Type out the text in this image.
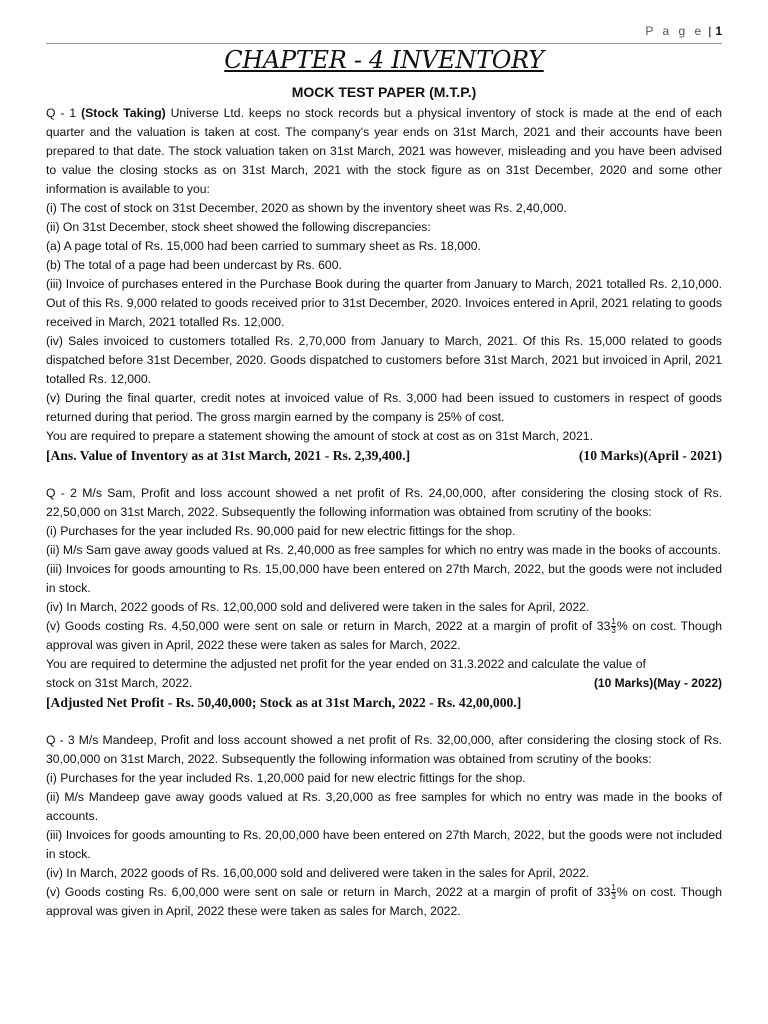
P a g e | 1
CHAPTER - 4 INVENTORY
MOCK TEST PAPER (M.T.P.)

Q - 1 (Stock Taking) Universe Ltd. keeps no stock records but a physical inventory of stock is made at the end of each quarter and the valuation is taken at cost. The company's year ends on 31st March, 2021 and their accounts have been prepared to that date. The stock valuation taken on 31st March, 2021 was however, misleading and you have been advised to value the closing stocks as on 31st March, 2021 with the stock figure as on 31st December, 2020 and some other information is available to you:

(i) The cost of stock on 31st December, 2020 as shown by the inventory sheet was Rs. 2,40,000.

(ii) On 31st December, stock sheet showed the following discrepancies:

(a) A page total of Rs. 15,000 had been carried to summary sheet as Rs. 18,000.

(b) The total of a page had been undercast by Rs. 600.

(iii) Invoice of purchases entered in the Purchase Book during the quarter from January to March, 2021 totalled Rs. 2,10,000. Out of this Rs. 9,000 related to goods received prior to 31st December, 2020. Invoices entered in April, 2021 relating to goods received in March, 2021 totalled Rs. 12,000.

(iv) Sales invoiced to customers totalled Rs. 2,70,000 from January to March, 2021. Of this Rs. 15,000 related to goods dispatched before 31st December, 2020. Goods dispatched to customers before 31st March, 2021 but invoiced in April, 2021 totalled Rs. 12,000.

(v) During the final quarter, credit notes at invoiced value of Rs. 3,000 had been issued to customers in respect of goods returned during that period. The gross margin earned by the company is 25% of cost.

You are required to prepare a statement showing the amount of stock at cost as on 31st March, 2021.

[Ans. Value of Inventory as at 31st March, 2021 - Rs. 2,39,400.]	(10 Marks)(April - 2021)

Q - 2 M/s Sam, Profit and loss account showed a net profit of Rs. 24,00,000, after considering the closing stock of Rs. 22,50,000 on 31st March, 2022. Subsequently the following information was obtained from scrutiny of the books:

(i) Purchases for the year included Rs. 90,000 paid for new electric fittings for the shop.

(ii) M/s Sam gave away goods valued at Rs. 2,40,000 as free samples for which no entry was made in the books of accounts.

(iii) Invoices for goods amounting to Rs. 15,00,000 have been entered on 27th March, 2022, but the goods were not included in stock.

(iv) In March, 2022 goods of Rs. 12,00,000 sold and delivered were taken in the sales for April, 2022.

(v) Goods costing Rs. 4,50,000 were sent on sale or return in March, 2022 at a margin of profit of $33 \frac{1}{3}$ % on cost. Though approval was given in April, 2022 these were taken as sales for March, 2022.

You are required to determine the adjusted net profit for the year ended on 31.3.2022 and calculate the value of

stock on 31st March, 2022.	(10 Marks)(May - 2022)
[Adjusted Net Profit - Rs. 50,40,000; Stock as at 31st March, 2022 - Rs. 42,00,000.]

Q - 3 M/s Mandeep, Profit and loss account showed a net profit of Rs. 32,00,000, after considering the closing stock of Rs. 30,00,000 on 31st March, 2022. Subsequently the following information was obtained from scrutiny of the books:

(i) Purchases for the year included Rs. 1,20,000 paid for new electric fittings for the shop.

(ii) M/s Mandeep gave away goods valued at Rs. 3,20,000 as free samples for which no entry was made in the books of accounts.

(iii) Invoices for goods amounting to Rs. 20,00,000 have been entered on 27th March, 2022, but the goods were not included in stock.

(iv) In March, 2022 goods of Rs. 16,00,000 sold and delivered were taken in the sales for April, 2022.

(v) Goods costing Rs. 6,00,000 were sent on sale or return in March, 2022 at a margin of profit of $33 \frac{1}{3}$ % on cost. Though approval was given in April, 2022 these were taken as sales for March, 2022.
